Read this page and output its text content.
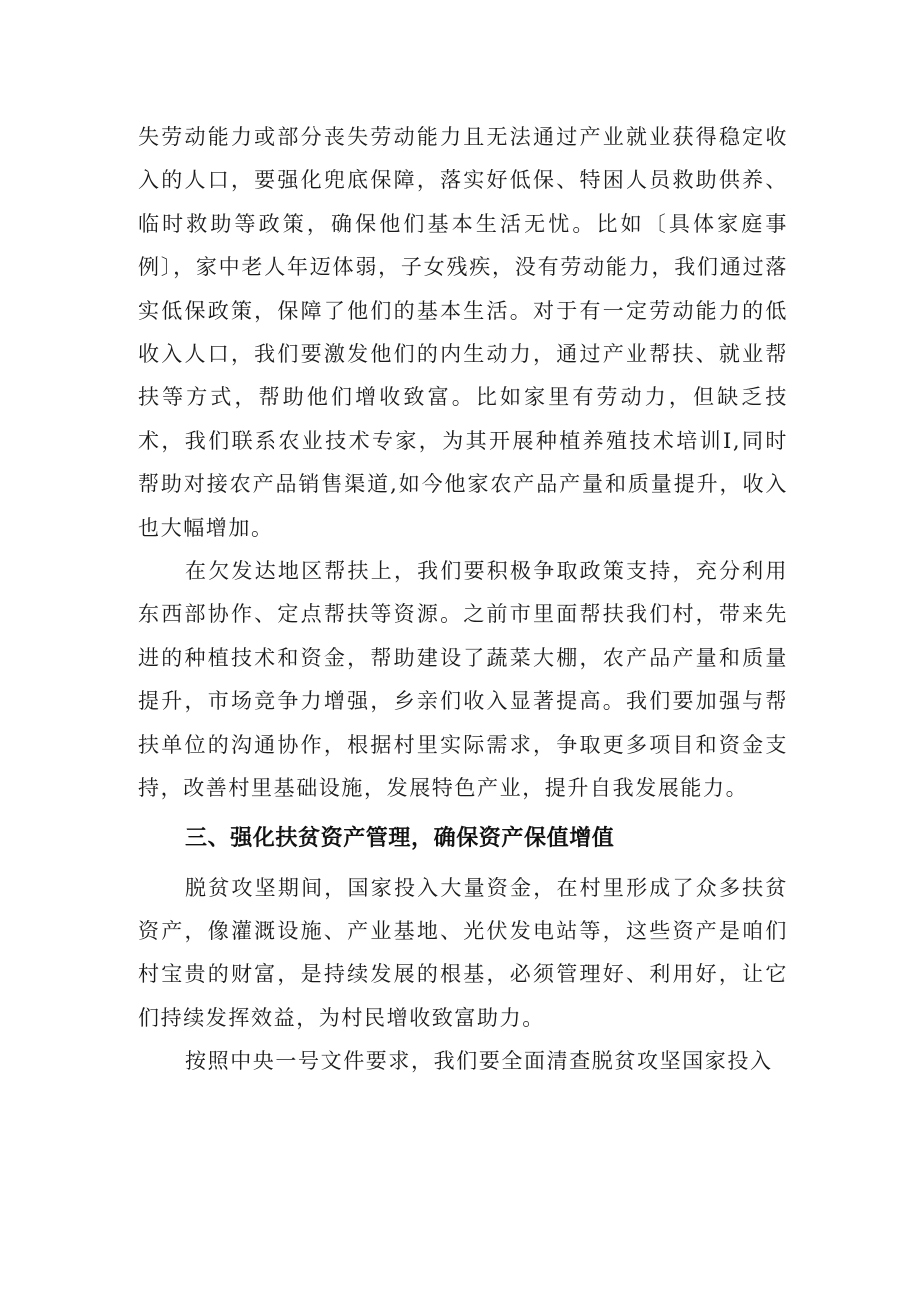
失劳动能力或部分丧失劳动能力且无法通过产业就业获得稳定收入的人口，要强化兜底保障，落实好低保、特困人员救助供养、临时救助等政策，确保他们基本生活无忧。比如〔具体家庭事例〕，家中老人年迈体弱，子女残疾，没有劳动能力，我们通过落实低保政策，保障了他们的基本生活。对于有一定劳动能力的低收入人口，我们要激发他们的内生动力，通过产业帮扶、就业帮扶等方式，帮助他们增收致富。比如家里有劳动力，但缺乏技术，我们联系农业技术专家，为其开展种植养殖技术培训I,同时帮助对接农产品销售渠道,如今他家农产品产量和质量提升，收入也大幅增加。

在欠发达地区帮扶上，我们要积极争取政策支持，充分利用东西部协作、定点帮扶等资源。之前市里面帮扶我们村，带来先进的种植技术和资金，帮助建设了蔬菜大棚，农产品产量和质量提升，市场竞争力增强，乡亲们收入显著提高。我们要加强与帮扶单位的沟通协作，根据村里实际需求，争取更多项目和资金支持，改善村里基础设施，发展特色产业，提升自我发展能力。

三、强化扶贫资产管理，确保资产保值增值

脱贫攻坚期间，国家投入大量资金，在村里形成了众多扶贫资产，像灌溉设施、产业基地、光伏发电站等，这些资产是咱们村宝贵的财富，是持续发展的根基，必须管理好、利用好，让它们持续发挥效益，为村民增收致富助力。

按照中央一号文件要求，我们要全面清查脱贫攻坚国家投入
